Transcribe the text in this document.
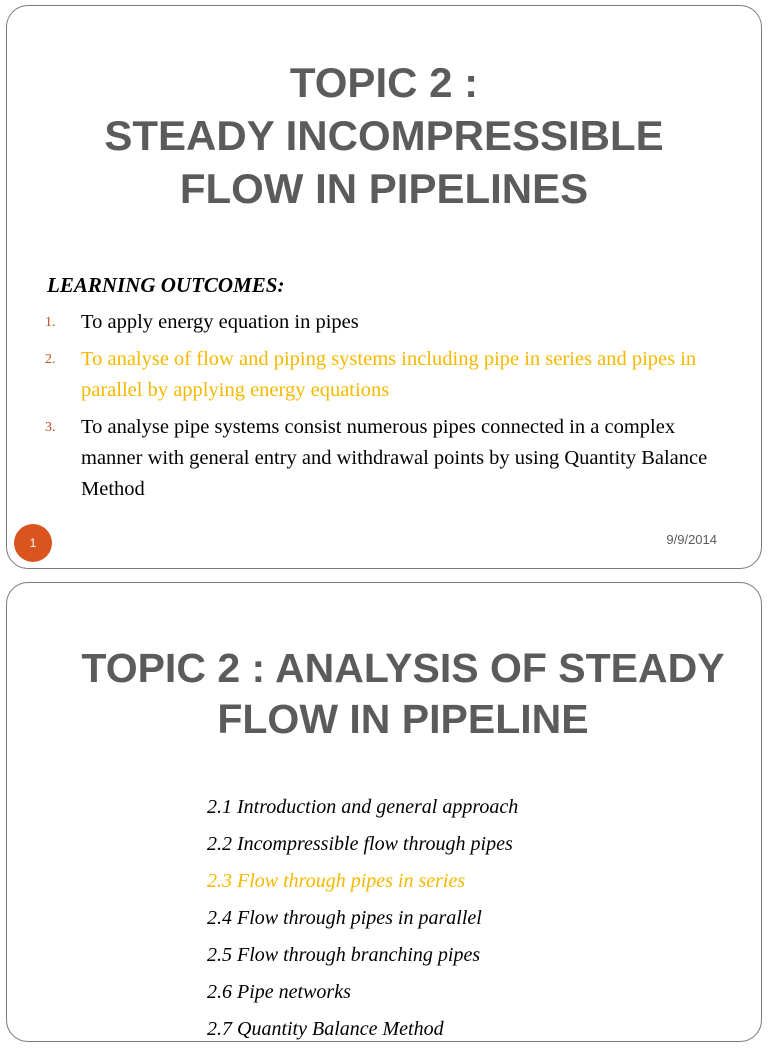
TOPIC 2 :
STEADY INCOMPRESSIBLE
FLOW IN PIPELINES

LEARNING OUTCOMES:

1. To apply energy equation in pipes
2. To analyse of flow and piping systems including pipe in series and pipes in parallel by applying energy equations
3. To analyse pipe systems consist numerous pipes connected in a complex manner with general entry and withdrawal points by using Quantity Balance Method
1	9/9/2014
TOPIC 2 : ANALYSIS OF STEADY
FLOW IN PIPELINE
2.1 Introduction and general approach
2.2 Incompressible flow through pipes
2.3 Flow through pipes in series
2.4 Flow through pipes in parallel
2.5 Flow through branching pipes
2.6 Pipe networks
2.7 Quantity Balance Method
